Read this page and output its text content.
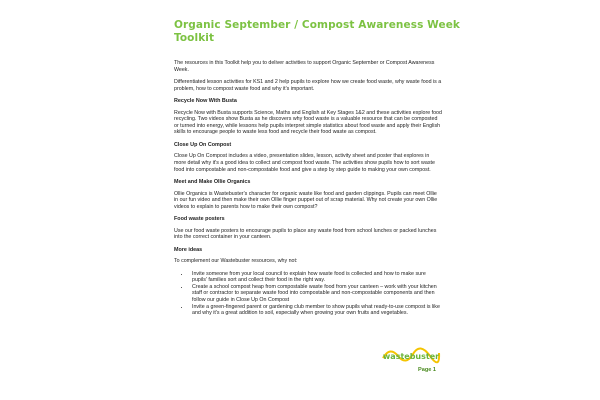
Organic September / Compost Awareness Week Toolkit

The resources in this Toolkit help you to deliver activities to support Organic September or Compost Awareness Week.

Differentiated lesson activities for KS1 and 2 help pupils to explore how we create food waste, why waste food is a problem, how to compost waste food and why it's important.

Recycle Now With Busta

Recycle Now with Busta supports Science, Maths and English at Key Stages 1&2 and these activities explore food recycling. Two videos show Busta as he discovers why food waste is a valuable resource that can be composted or turned into energy, while lessons help pupils interpret simple statistics about food waste and apply their English skills to encourage people to waste less food and recycle their food waste as compost.

Close Up On Compost

Close Up On Compost includes a video, presentation slides, lesson, activity sheet and poster that explores in more detail why it's a good idea to collect and compost food waste. The activities show pupils how to sort waste food into compostable and non-compostable food and give a step by step guide to making your own compost.

Meet and Make Ollie Organics

Ollie Organics is Wastebuster's character for organic waste like food and garden clippings. Pupils can meet Ollie in our fun video and then make their own Ollie finger puppet out of scrap material. Why not create your own Ollie videos to explain to parents how to make their own compost?

Food waste posters

Use our food waste posters to encourage pupils to place any waste food from school lunches or packed lunches into the correct container in your canteen.

More ideas

To complement our Wastebuster resources, why not:

• Invite someone from your local council to explain how waste food is collected and how to make sure pupils' families sort and collect their food in the right way.
• Create a school compost heap from compostable waste food from your canteen – work with your kitchen staff or contractor to separate waste food into compostable and non-compostable components and then follow our guide in Close Up On Compost
• Invite a green-fingered parent or gardening club member to show pupils what ready-to-use compost is like and why it's a great addition to soil, especially when growing your own fruits and vegetables.
wastebuster
Page 1
